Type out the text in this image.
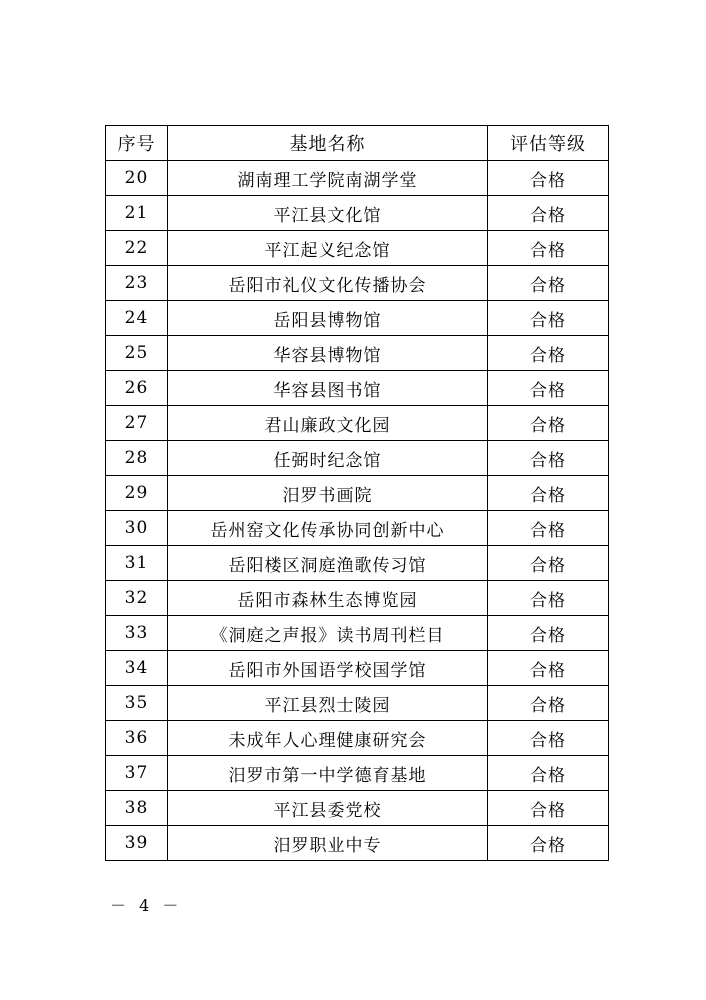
序号	基地名称	评估等级
20	湖南理工学院南湖学堂	合格
21	平江县文化馆	合格
22	平江起义纪念馆	合格
23	岳阳市礼仪文化传播协会	合格
24	岳阳县博物馆	合格
25	华容县博物馆	合格
26	华容县图书馆	合格
27	君山廉政文化园	合格
28	任弼时纪念馆	合格
29	汨罗书画院	合格
30	岳州窑文化传承协同创新中心	合格
31	岳阳楼区洞庭渔歌传习馆	合格
32	岳阳市森林生态博览园	合格
33	《洞庭之声报》读书周刊栏目	合格
34	岳阳市外国语学校国学馆	合格
35	平江县烈士陵园	合格
36	未成年人心理健康研究会	合格
37	汨罗市第一中学德育基地	合格
38	平江县委党校	合格
39	汨罗职业中专	合格
－ 4 －
